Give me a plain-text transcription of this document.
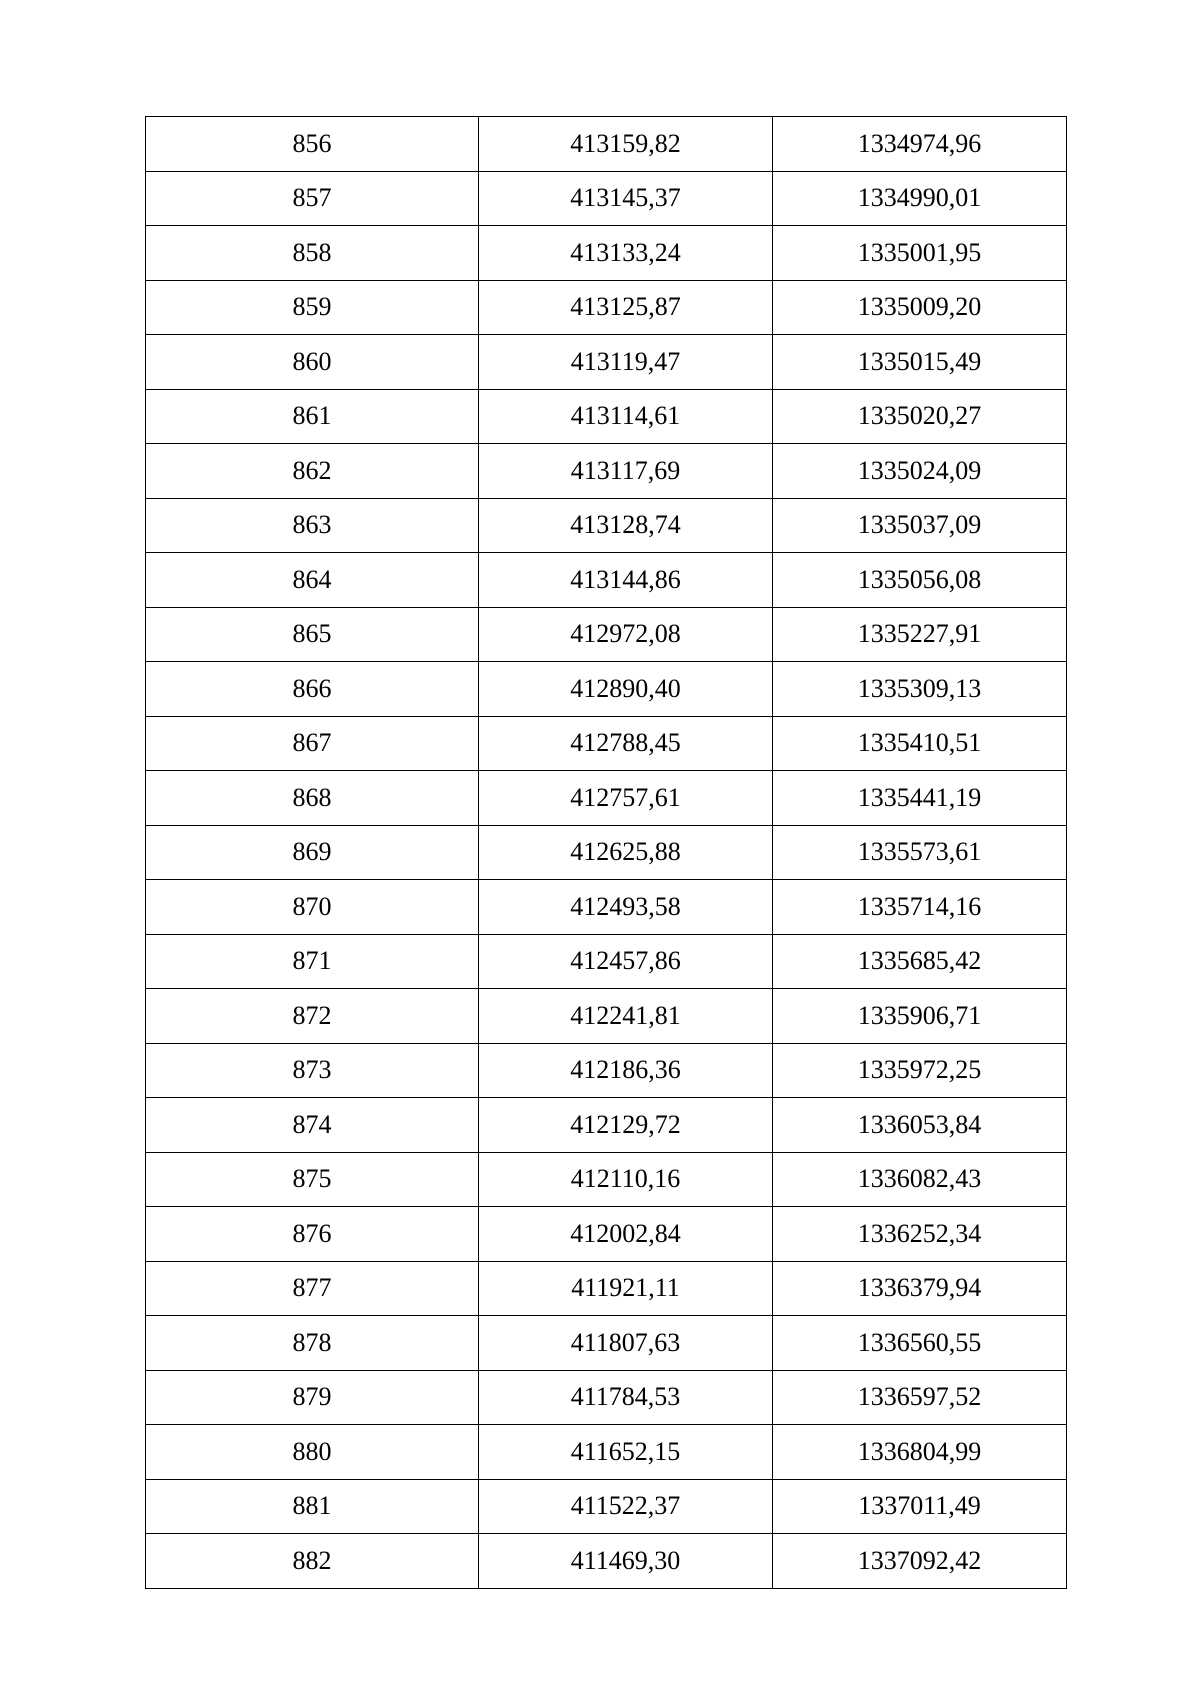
856	413159,82	1334974,96
857	413145,37	1334990,01
858	413133,24	1335001,95
859	413125,87	1335009,20
860	413119,47	1335015,49
861	413114,61	1335020,27
862	413117,69	1335024,09
863	413128,74	1335037,09
864	413144,86	1335056,08
865	412972,08	1335227,91
866	412890,40	1335309,13
867	412788,45	1335410,51
868	412757,61	1335441,19
869	412625,88	1335573,61
870	412493,58	1335714,16
871	412457,86	1335685,42
872	412241,81	1335906,71
873	412186,36	1335972,25
874	412129,72	1336053,84
875	412110,16	1336082,43
876	412002,84	1336252,34
877	411921,11	1336379,94
878	411807,63	1336560,55
879	411784,53	1336597,52
880	411652,15	1336804,99
881	411522,37	1337011,49
882	411469,30	1337092,42
